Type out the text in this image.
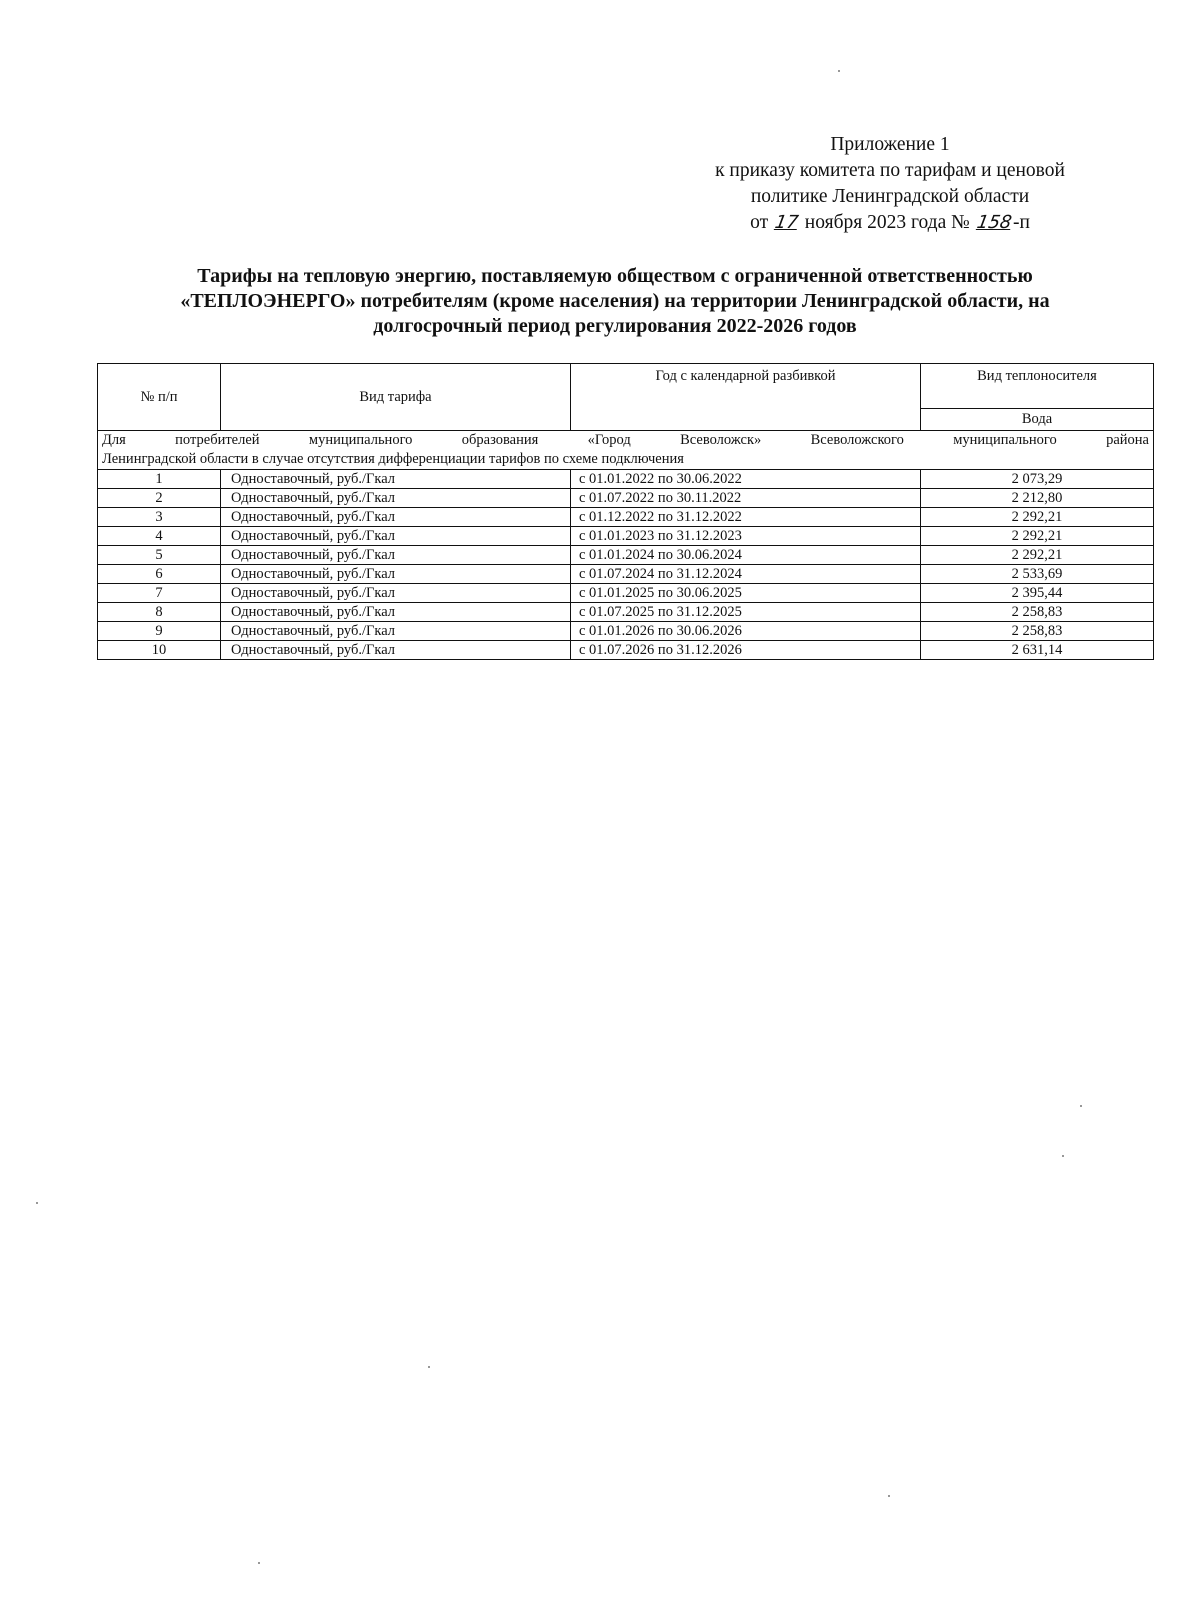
Приложение 1
к приказу комитета по тарифам и ценовой
политике Ленинградской области
от 17 ноября 2023 года № 158-п
Тарифы на тепловую энергию, поставляемую обществом с ограниченной ответственностью
«ТЕПЛОЭНЕРГО» потребителям (кроме населения) на территории Ленинградской области, на
долгосрочный период регулирования 2022-2026 годов
№ п/п	Вид тарифа	Год с календарной разбивкой	Вид теплоносителя
			Вода

Для потребителей муниципального образования «Город Всеволожск» Всеволожского муниципального района
Ленинградской области в случае отсутствия дифференциации тарифов по схеме подключения			

1	Одноставочный, руб./Гкал	с 01.01.2022 по 30.06.2022	2 073,29
2	Одноставочный, руб./Гкал	с 01.07.2022 по 30.11.2022	2 212,80
3	Одноставочный, руб./Гкал	с 01.12.2022 по 31.12.2022	2 292,21
4	Одноставочный, руб./Гкал	с 01.01.2023 по 31.12.2023	2 292,21
5	Одноставочный, руб./Гкал	с 01.01.2024 по 30.06.2024	2 292,21
6	Одноставочный, руб./Гкал	с 01.07.2024 по 31.12.2024	2 533,69
7	Одноставочный, руб./Гкал	с 01.01.2025 по 30.06.2025	2 395,44
8	Одноставочный, руб./Гкал	с 01.07.2025 по 31.12.2025	2 258,83
9	Одноставочный, руб./Гкал	с 01.01.2026 по 30.06.2026	2 258,83
10	Одноставочный, руб./Гкал	с 01.07.2026 по 31.12.2026	2 631,14
